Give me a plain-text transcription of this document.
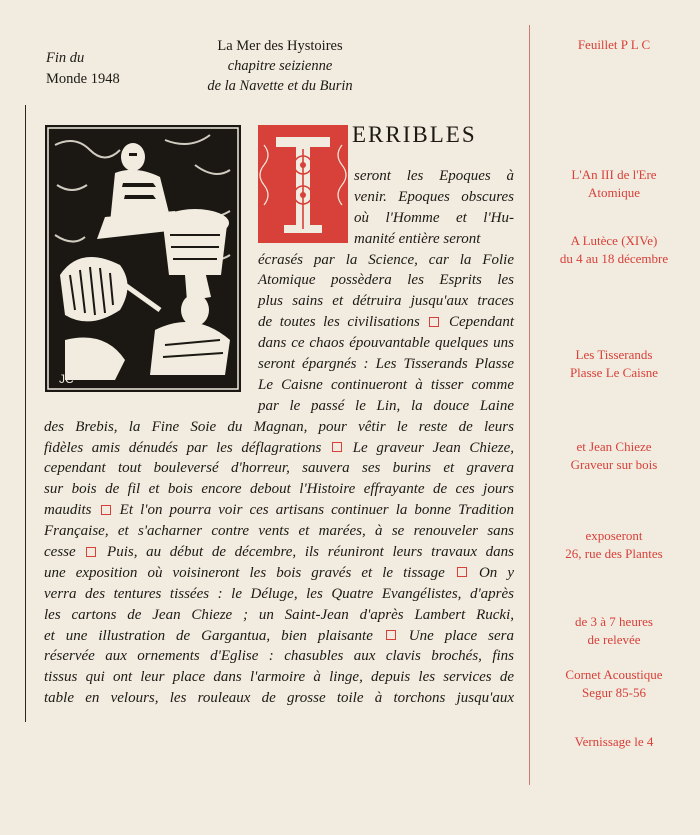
Fin du
Monde 1948
La Mer des Hystoires
chapitre seizienne
de la Navette et du Burin
JC
T
ERRIBLES
seront les Epoques à
venir. Epoques obscures
où l'Homme et l'Hu-
manité entière seront
écrasés par la Science, car la Folie
Atomique possèdera les Esprits les
plus sains et détruira jusqu'aux traces
de toutes les civilisations Cependant
dans ce chaos épouvantable quelques uns
seront épargnés : Les Tisserands Plasse
Le Caisne continueront à tisser comme
par le passé le Lin, la douce Laine
des Brebis, la Fine Soie du Magnan, pour vêtir le reste de leurs
fidèles amis dénudés par les déflagrations Le graveur Jean Chieze,
cependant tout bouleversé d'horreur, sauvera ses burins et gravera
sur bois de fil et bois encore debout l'Histoire effrayante de ces jours
maudits Et l'on pourra voir ces artisans continuer la bonne Tradition
Française, et s'acharner contre vents et marées, à se renouveler sans
cesse Puis, au début de décembre, ils réuniront leurs travaux dans
une exposition où voisineront les bois gravés et le tissage On y
verra des tentures tissées : le Déluge, les Quatre Evangélistes, d'après
les cartons de Jean Chieze ; un Saint-Jean d'après Lambert Rucki,
et une illustration de Gargantua, bien plaisante Une place sera
réservée aux ornements d'Eglise : chasubles aux clavis brochés, fins
tissus qui ont leur place dans l'armoire à linge, depuis les services de
table en velours, les rouleaux de grosse toile à torchons jusqu'aux
Feuillet P L C
L'An III de l'Ere
Atomique
A Lutèce (XIVe)
du 4 au 18 décembre
Les Tisserands
Plasse Le Caisne
et Jean Chieze
Graveur sur bois
exposeront
26, rue des Plantes
de 3 à 7 heures
de relevée
Cornet Acoustique
Segur 85-56
Vernissage le 4
